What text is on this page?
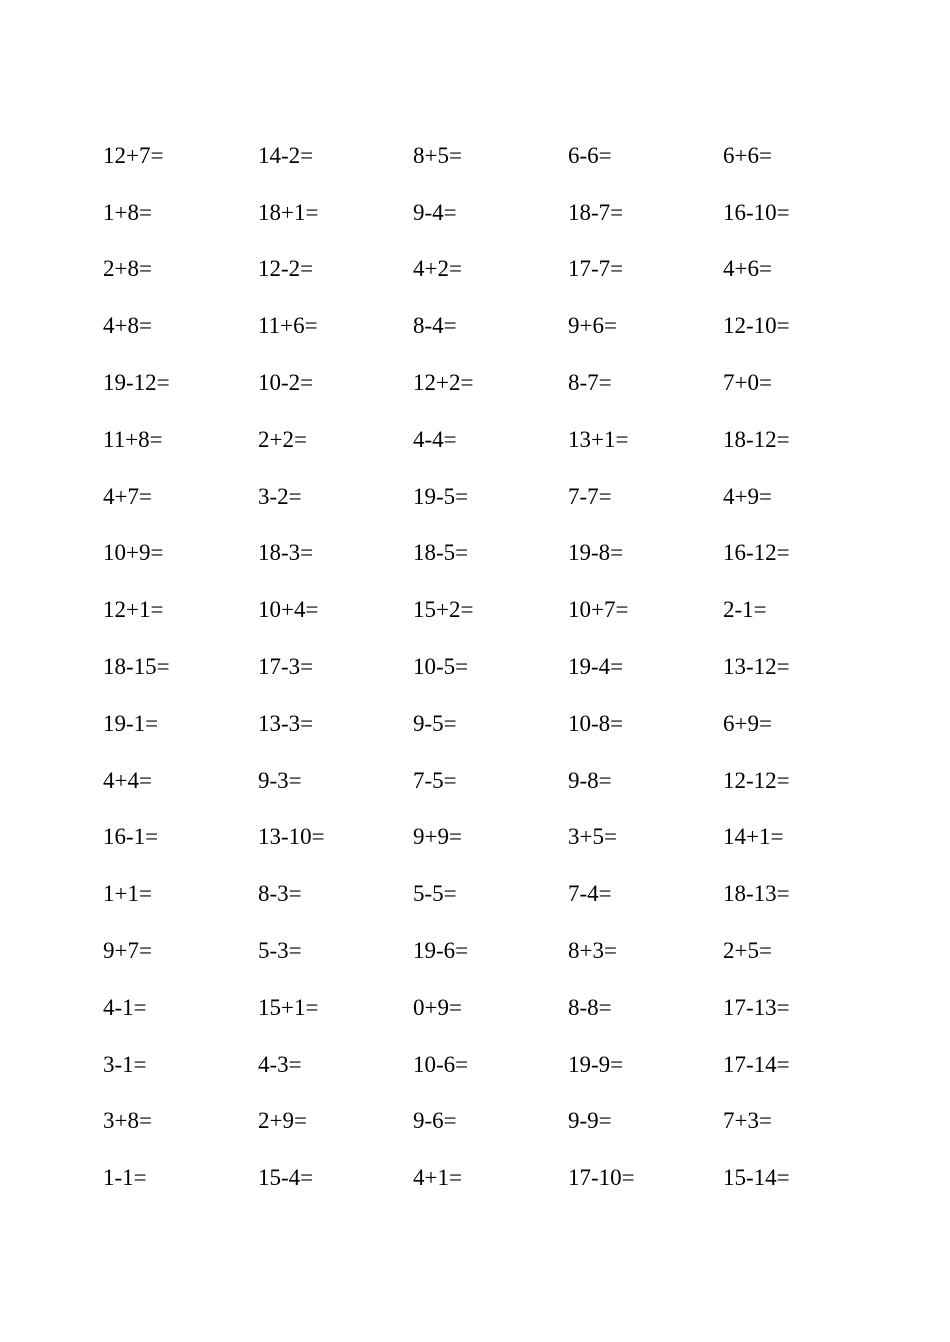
12+7=	14-2=	8+5=	6-6=	6+6=
1+8=	18+1=	9-4=	18-7=	16-10=
2+8=	12-2=	4+2=	17-7=	4+6=
4+8=	11+6=	8-4=	9+6=	12-10=
19-12=	10-2=	12+2=	8-7=	7+0=
11+8=	2+2=	4-4=	13+1=	18-12=
4+7=	3-2=	19-5=	7-7=	4+9=
10+9=	18-3=	18-5=	19-8=	16-12=
12+1=	10+4=	15+2=	10+7=	2-1=
18-15=	17-3=	10-5=	19-4=	13-12=
19-1=	13-3=	9-5=	10-8=	6+9=
4+4=	9-3=	7-5=	9-8=	12-12=
16-1=	13-10=	9+9=	3+5=	14+1=
1+1=	8-3=	5-5=	7-4=	18-13=
9+7=	5-3=	19-6=	8+3=	2+5=
4-1=	15+1=	0+9=	8-8=	17-13=
3-1=	4-3=	10-6=	19-9=	17-14=
3+8=	2+9=	9-6=	9-9=	7+3=
1-1=	15-4=	4+1=	17-10=	15-14=
